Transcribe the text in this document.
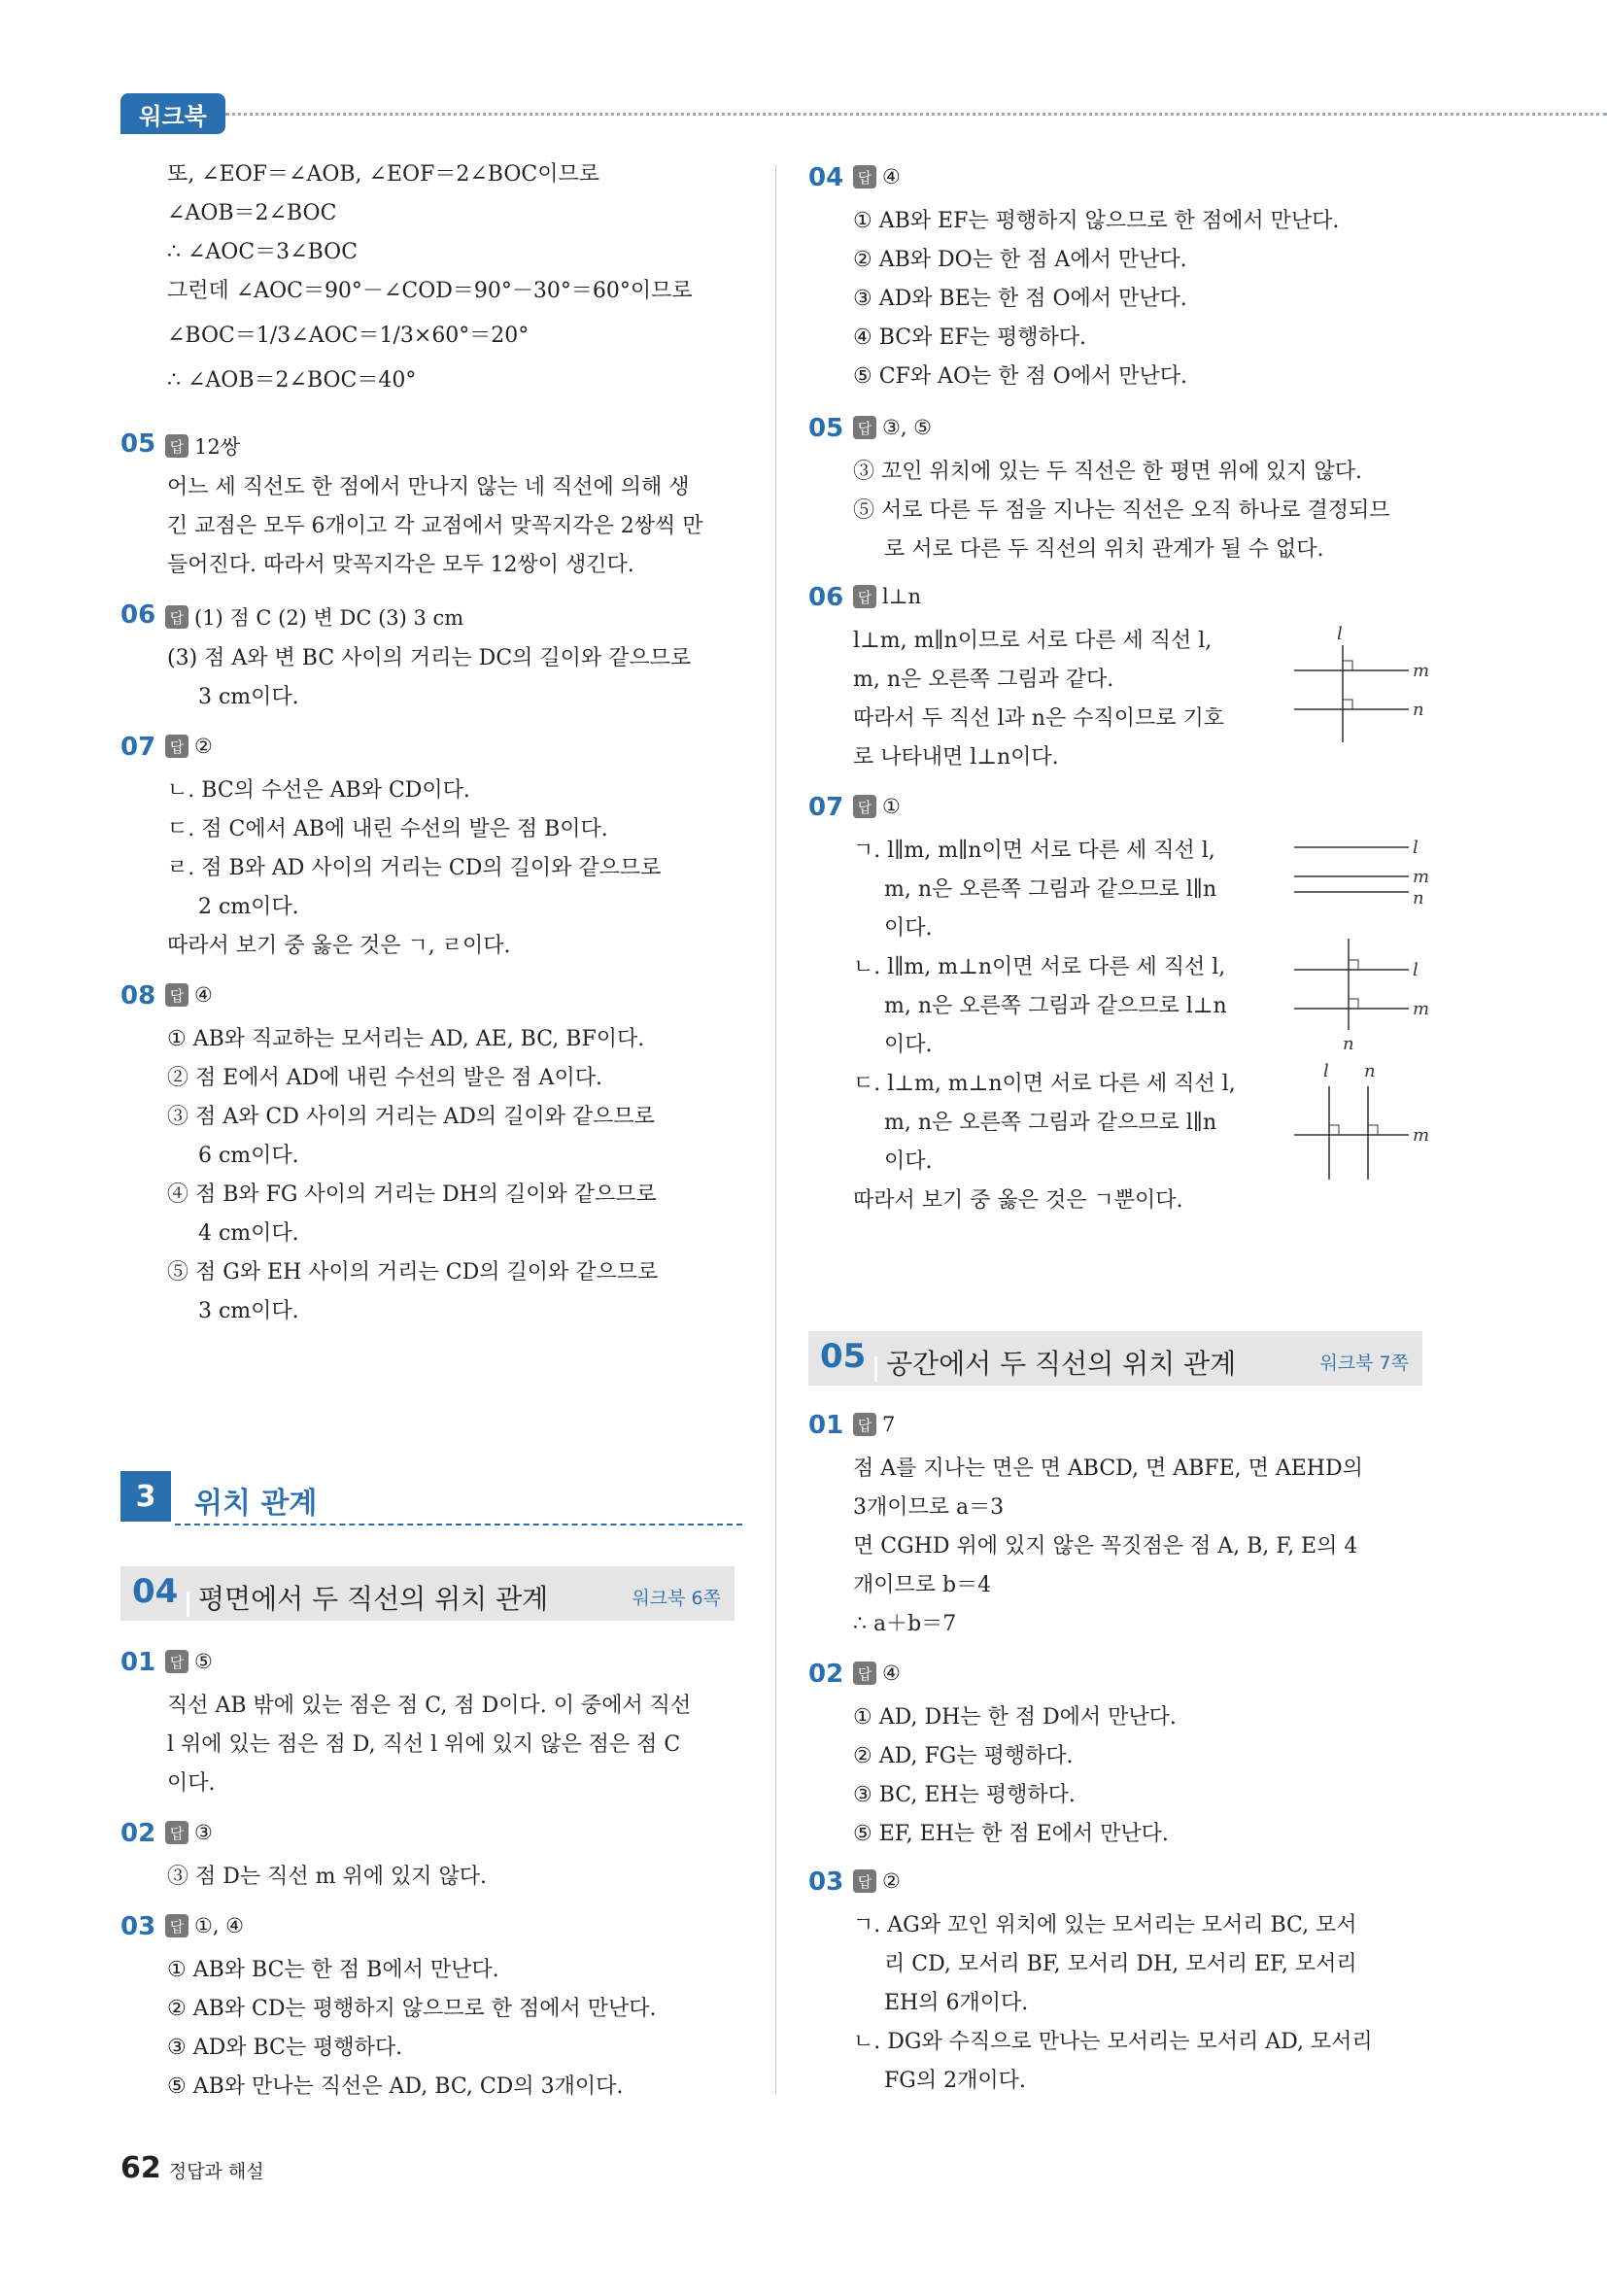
워크북
또, ∠EOF＝∠AOB, ∠EOF＝2∠BOC이므로
∠AOB＝2∠BOC
∴ ∠AOC＝3∠BOC
그런데 ∠AOC＝90°－∠COD＝90°－30°＝60°이므로
∠BOC＝1/3∠AOC＝1/3×60°＝20°
∴ ∠AOB＝2∠BOC＝40°
05 답 12쌍
어느 세 직선도 한 점에서 만나지 않는 네 직선에 의해 생
긴 교점은 모두 6개이고 각 교점에서 맞꼭지각은 2쌍씩 만
들어진다. 따라서 맞꼭지각은 모두 12쌍이 생긴다.
06 답 (1) 점 C (2) 변 DC (3) 3 cm
(3) 점 A와 변 BC 사이의 거리는 DC의 길이와 같으므로
3 cm이다.
07 답 ②
ㄴ. BC의 수선은 AB와 CD이다.
ㄷ. 점 C에서 AB에 내린 수선의 발은 점 B이다.
ㄹ. 점 B와 AD 사이의 거리는 CD의 길이와 같으므로
2 cm이다.
따라서 보기 중 옳은 것은 ㄱ, ㄹ이다.
08 답 ④
① AB와 직교하는 모서리는 AD, AE, BC, BF이다.
② 점 E에서 AD에 내린 수선의 발은 점 A이다.
③ 점 A와 CD 사이의 거리는 AD의 길이와 같으므로
6 cm이다.
④ 점 B와 FG 사이의 거리는 DH의 길이와 같으므로
4 cm이다.
⑤ 점 G와 EH 사이의 거리는 CD의 길이와 같으므로
3 cm이다.
3	위치 관계
04 평면에서 두 직선의 위치 관계	워크북 6쪽
01 답 ⑤
직선 AB 밖에 있는 점은 점 C, 점 D이다. 이 중에서 직선
l 위에 있는 점은 점 D, 직선 l 위에 있지 않은 점은 점 C
이다.
02 답 ③
③ 점 D는 직선 m 위에 있지 않다.
03 답 ①, ④
① AB와 BC는 한 점 B에서 만난다.
② AB와 CD는 평행하지 않으므로 한 점에서 만난다.
③ AD와 BC는 평행하다.
⑤ AB와 만나는 직선은 AD, BC, CD의 3개이다.
04 답 ④
① AB와 EF는 평행하지 않으므로 한 점에서 만난다.
② AB와 DO는 한 점 A에서 만난다.
③ AD와 BE는 한 점 O에서 만난다.
④ BC와 EF는 평행하다.
⑤ CF와 AO는 한 점 O에서 만난다.
05 답 ③, ⑤
③ 꼬인 위치에 있는 두 직선은 한 평면 위에 있지 않다.
⑤ 서로 다른 두 점을 지나는 직선은 오직 하나로 결정되므
로 서로 다른 두 직선의 위치 관계가 될 수 없다.
06 답 l⊥n
l⊥m, m∥n이므로 서로 다른 세 직선 l,
m, n은 오른쪽 그림과 같다.
따라서 두 직선 l과 n은 수직이므로 기호
로 나타내면 l⊥n이다.
l
m
n
07 답 ①
ㄱ. l∥m, m∥n이면 서로 다른 세 직선 l,
m, n은 오른쪽 그림과 같으므로 l∥n
이다.
ㄴ. l∥m, m⊥n이면 서로 다른 세 직선 l,
m, n은 오른쪽 그림과 같으므로 l⊥n
이다.
ㄷ. l⊥m, m⊥n이면 서로 다른 세 직선 l,
m, n은 오른쪽 그림과 같으므로 l∥n
이다.
따라서 보기 중 옳은 것은 ㄱ뿐이다.
l
m
n
l
m
n
l n
m
05 공간에서 두 직선의 위치 관계	워크북 7쪽
01 답 7
점 A를 지나는 면은 면 ABCD, 면 ABFE, 면 AEHD의
3개이므로 a＝3
면 CGHD 위에 있지 않은 꼭짓점은 점 A, B, F, E의 4
개이므로 b＝4
∴ a＋b＝7
02 답 ④
① AD, DH는 한 점 D에서 만난다.
② AD, FG는 평행하다.
③ BC, EH는 평행하다.
⑤ EF, EH는 한 점 E에서 만난다.
03 답 ②
ㄱ. AG와 꼬인 위치에 있는 모서리는 모서리 BC, 모서
리 CD, 모서리 BF, 모서리 DH, 모서리 EF, 모서리
EH의 6개이다.
ㄴ. DG와 수직으로 만나는 모서리는 모서리 AD, 모서리
FG의 2개이다.
62 정답과 해설
